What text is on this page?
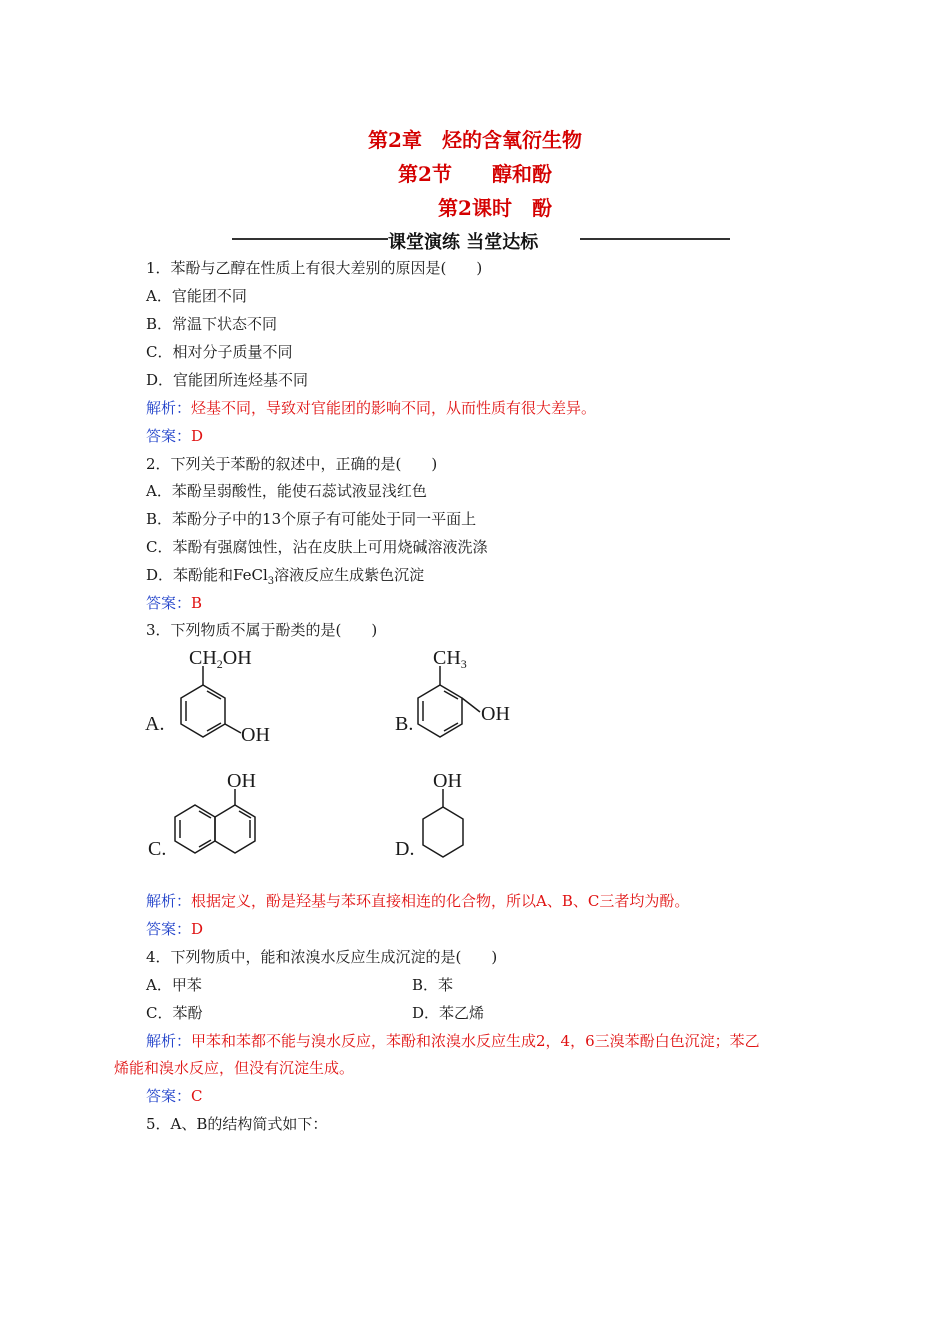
第2章　烃的含氧衍生物
第2节　　醇和酚
第2课时　酚
课堂演练 当堂达标
1．苯酚与乙醇在性质上有很大差别的原因是(　　)
A．官能团不同
B．常温下状态不同
C．相对分子质量不同
D．官能团所连烃基不同
解析：烃基不同，导致对官能团的影响不同，从而性质有很大差异。
答案：D
2．下列关于苯酚的叙述中，正确的是(　　)
A．苯酚呈弱酸性，能使石蕊试液显浅红色
B．苯酚分子中的13个原子有可能处于同一平面上
C．苯酚有强腐蚀性，沾在皮肤上可用烧碱溶液洗涤
D．苯酚能和FeCl$_3$溶液反应生成紫色沉淀
答案：B
3．下列物质不属于酚类的是(　　)
A.
$CH_2OH$
OH	B.
$CH_3$
OH
C.
OH
D.
OH
解析：根据定义，酚是羟基与苯环直接相连的化合物，所以A、B、C三者均为酚。
答案：D
4．下列物质中，能和浓溴水反应生成沉淀的是(　　)
A．甲苯	B．苯
C．苯酚	D．苯乙烯
解析：甲苯和苯都不能与溴水反应，苯酚和浓溴水反应生成2，4，6三溴苯酚白色沉淀；苯乙
烯能和溴水反应，但没有沉淀生成。
答案：C
5．A、B的结构简式如下：
